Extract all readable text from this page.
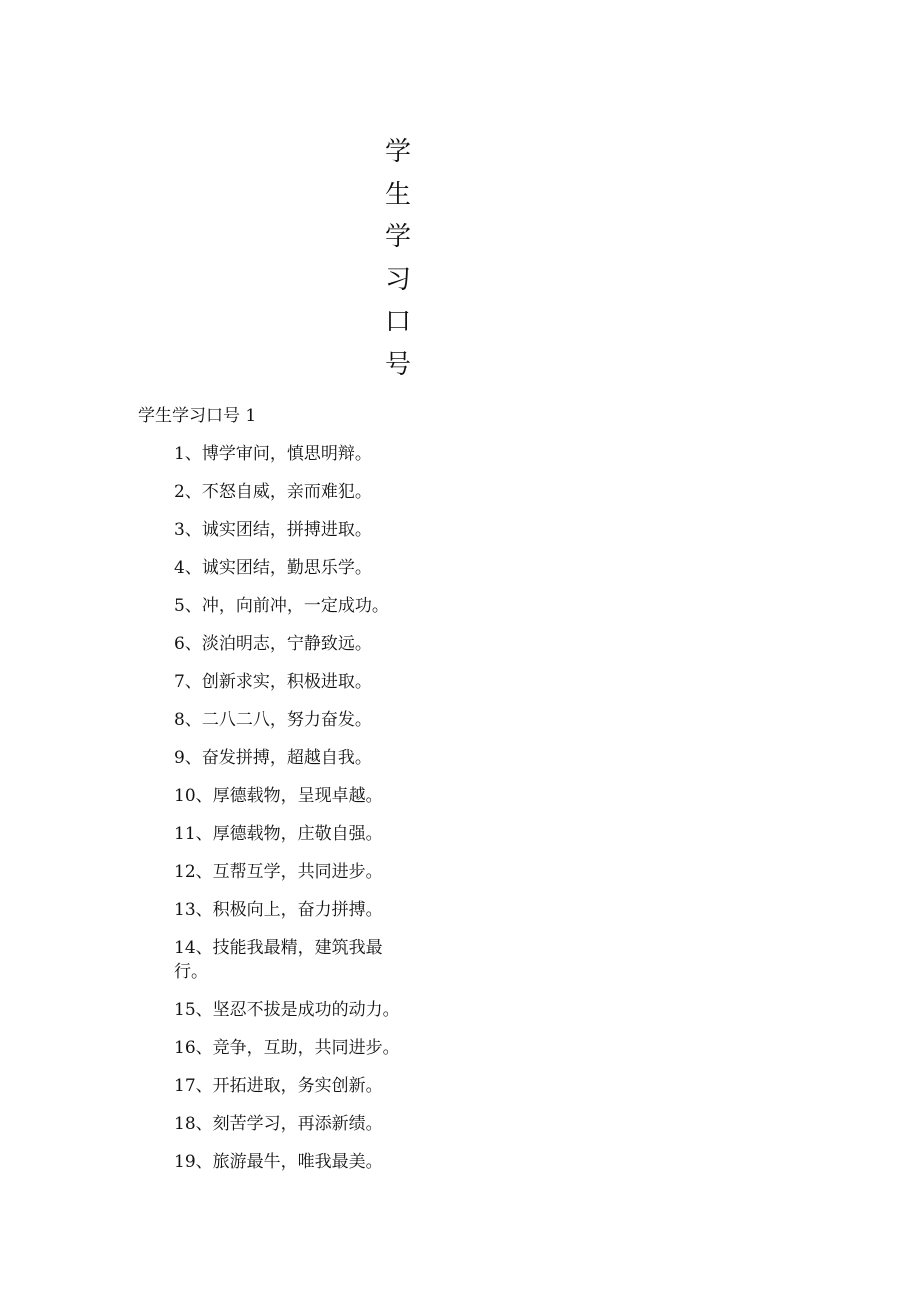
学
生
学
习
口
号
学生学习口号 1
1、博学审问，慎思明辩。
2、不怒自威，亲而难犯。
3、诚实团结，拼搏进取。
4、诚实团结，勤思乐学。
5、冲，向前冲，一定成功。
6、淡泊明志，宁静致远。
7、创新求实，积极进取。
8、二八二八，努力奋发。
9、奋发拼搏，超越自我。
10、厚德载物，呈现卓越。
11、厚德载物，庄敬自强。
12、互帮互学，共同进步。
13、积极向上，奋力拼搏。
14、技能我最精，建筑我最行。
15、坚忍不拔是成功的动力。
16、竞争，互助，共同进步。
17、开拓进取，务实创新。
18、刻苦学习，再添新绩。
19、旅游最牛，唯我最美。
